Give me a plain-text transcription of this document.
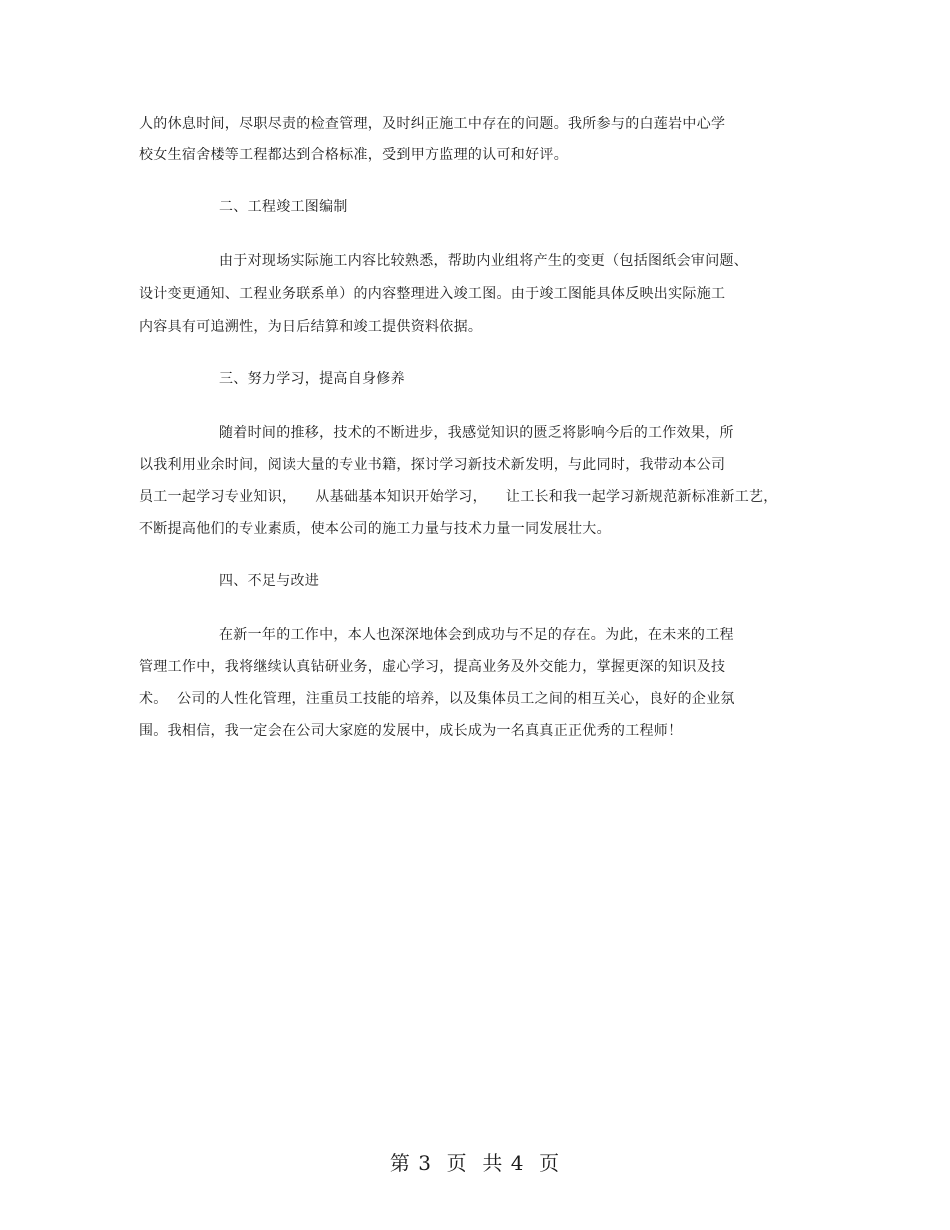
人的休息时间，尽职尽责的检查管理，及时纠正施工中存在的问题。我所参与的白莲岩中心学
校女生宿舍楼等工程都达到合格标准，受到甲方监理的认可和好评。
二、工程竣工图编制
由于对现场实际施工内容比较熟悉，帮助内业组将产生的变更（包括图纸会审问题、
设计变更通知、工程业务联系单）的内容整理进入竣工图。由于竣工图能具体反映出实际施工
内容具有可追溯性，为日后结算和竣工提供资料依据。
三、努力学习，提高自身修养
随着时间的推移，技术的不断进步，我感觉知识的匮乏将影响今后的工作效果，所
以我利用业余时间，阅读大量的专业书籍，探讨学习新技术新发明，与此同时，我带动本公司
员工一起学习专业知识，    从基础基本知识开始学习，    让工长和我一起学习新规范新标准新工艺，
不断提高他们的专业素质，使本公司的施工力量与技术力量一同发展壮大。
四、不足与改进
在新一年的工作中，本人也深深地体会到成功与不足的存在。为此，在未来的工程
管理工作中，我将继续认真钻研业务，虚心学习，提高业务及外交能力，掌握更深的知识及技
术。  公司的人性化管理，注重员工技能的培养，以及集体员工之间的相互关心，良好的企业氛
围。我相信，我一定会在公司大家庭的发展中，成长成为一名真真正正优秀的工程师！
第 3  页  共 4  页
